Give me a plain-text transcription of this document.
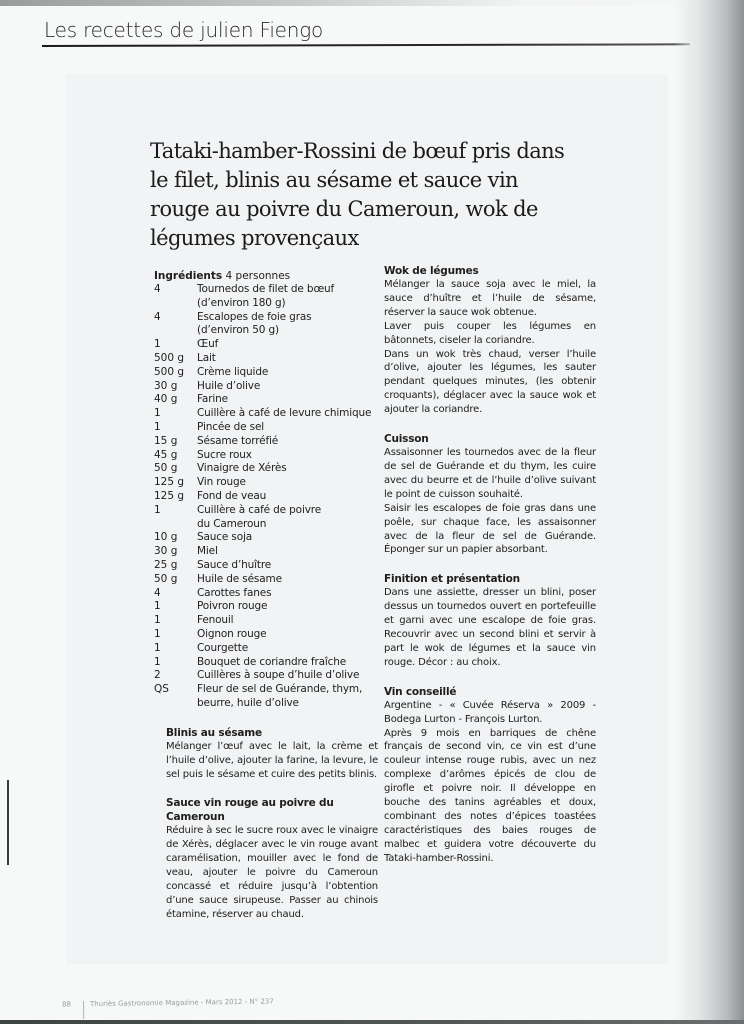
Les recettes de julien Fiengo
Tataki-hamber-Rossini de bœuf pris dans le filet, blinis au sésame et sauce vin rouge au poivre du Cameroun, wok de légumes provençaux
Ingrédients 4 personnes
4	Tournedos de filet de bœuf
(d’environ 180 g)
4	Escalopes de foie gras
(d’environ 50 g)
1	Œuf
500 g	Lait
500 g	Crème liquide
30 g	Huile d’olive
40 g	Farine
1	Cuillère à café de levure chimique
1	Pincée de sel
15 g	Sésame torréfié
45 g	Sucre roux
50 g	Vinaigre de Xérès
125 g	Vin rouge
125 g	Fond de veau
1	Cuillère à café de poivre
du Cameroun
10 g	Sauce soja
30 g	Miel
25 g	Sauce d’huître
50 g	Huile de sésame
4	Carottes fanes
1	Poivron rouge
1	Fenouil
1	Oignon rouge
1	Courgette
1	Bouquet de coriandre fraîche
2	Cuillères à soupe d’huile d’olive
QS	Fleur de sel de Guérande, thym,
beurre, huile d’olive
Blinis au sésame

Mélanger l’œuf avec le lait, la crème et l’huile d’olive, ajouter la farine, la levure, le sel puis le sésame et cuire des petits blinis.

Sauce vin rouge au poivre du Cameroun

Réduire à sec le sucre roux avec le vinaigre de Xérès, déglacer avec le vin rouge avant caramélisation, mouiller avec le fond de veau, ajouter le poivre du Cameroun concassé et réduire jusqu’à l’obtention d’une sauce sirupeuse. Passer au chinois étamine, réserver au chaud.

Wok de légumes

Mélanger la sauce soja avec le miel, la sauce d’huître et l’huile de sésame, réserver la sauce wok obtenue.

Laver puis couper les légumes en bâtonnets, ciseler la coriandre.

Dans un wok très chaud, verser l’huile d’olive, ajouter les légumes, les sauter pendant quelques minutes, (les obtenir croquants), déglacer avec la sauce wok et ajouter la coriandre.

Cuisson

Assaisonner les tournedos avec de la fleur de sel de Guérande et du thym, les cuire avec du beurre et de l’huile d’olive suivant le point de cuisson souhaité.

Saisir les escalopes de foie gras dans une poêle, sur chaque face, les assaisonner avec de la fleur de sel de Guérande. Éponger sur un papier absorbant.

Finition et présentation

Dans une assiette, dresser un blini, poser dessus un tournedos ouvert en portefeuille et garni avec une escalope de foie gras. Recouvrir avec un second blini et servir à part le wok de légumes et la sauce vin rouge. Décor : au choix.

Vin conseillé

Argentine - « Cuvée Réserva » 2009 - Bodega Lurton - François Lurton.

Après 9 mois en barriques de chêne français de second vin, ce vin est d’une couleur intense rouge rubis, avec un nez complexe d’arômes épicés de clou de girofle et poivre noir. Il développe en bouche des tanins agréables et doux, combinant des notes d’épices toastées caractéristiques des baies rouges de malbec et guidera votre découverte du Tataki-hamber-Rossini.

88	Thuriès Gastronomie Magazine - Mars 2012 - N° 237
